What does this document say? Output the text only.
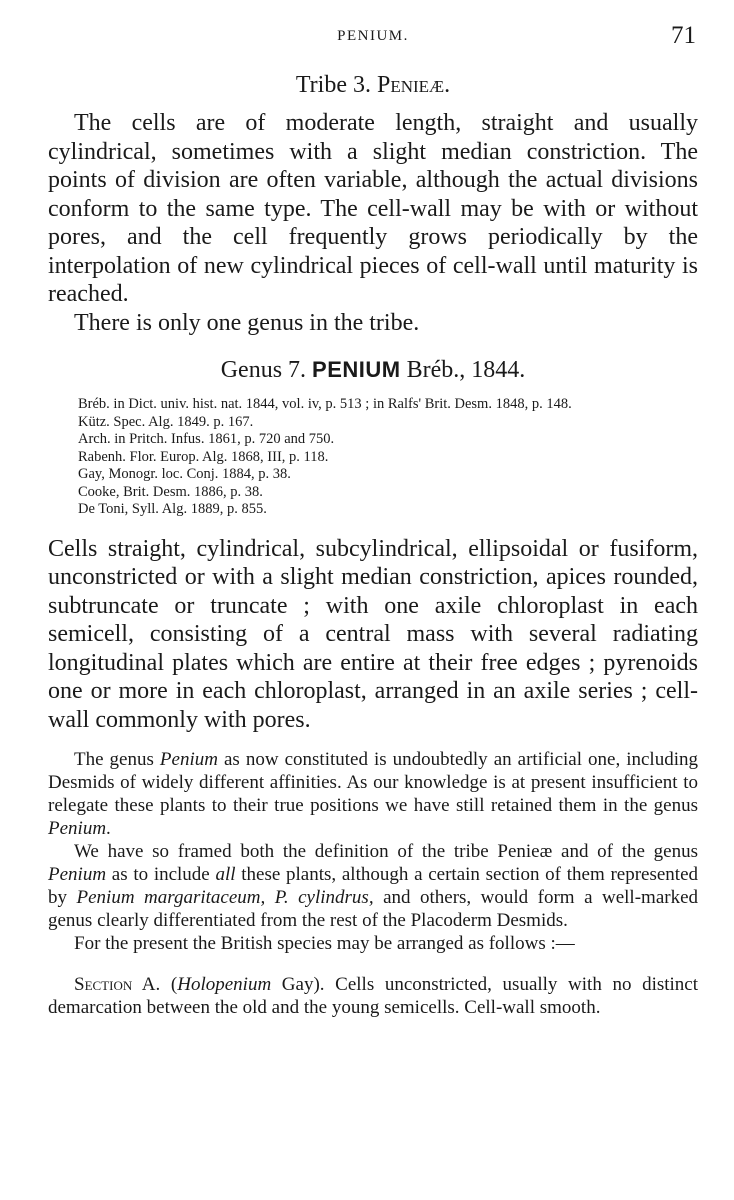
PENIUM.	71
Tribe 3. Penieæ.

The cells are of moderate length, straight and usually cylindrical, sometimes with a slight median constriction. The points of division are often variable, although the actual divisions conform to the same type. The cell-wall may be with or without pores, and the cell frequently grows periodically by the interpolation of new cylindrical pieces of cell-wall until maturity is reached.

There is only one genus in the tribe.

Genus 7. PENIUM Bréb., 1844.
Bréb. in Dict. univ. hist. nat. 1844, vol. iv, p. 513 ; in Ralfs' Brit. Desm. 1848, p. 148.
Kütz. Spec. Alg. 1849. p. 167.
Arch. in Pritch. Infus. 1861, p. 720 and 750.
Rabenh. Flor. Europ. Alg. 1868, III, p. 118.
Gay, Monogr. loc. Conj. 1884, p. 38.
Cooke, Brit. Desm. 1886, p. 38.
De Toni, Syll. Alg. 1889, p. 855.

Cells straight, cylindrical, subcylindrical, ellipsoidal or fusiform, unconstricted or with a slight median constriction, apices rounded, subtruncate or truncate ; with one axile chloroplast in each semicell, consisting of a central mass with several radiating longitudinal plates which are entire at their free edges ; pyrenoids one or more in each chloroplast, arranged in an axile series ; cell-wall commonly with pores.

The genus Penium as now constituted is undoubtedly an artificial one, including Desmids of widely different affinities. As our knowledge is at present insufficient to relegate these plants to their true positions we have still retained them in the genus Penium.

We have so framed both the definition of the tribe Penieæ and of the genus Penium as to include all these plants, although a certain section of them represented by Penium margaritaceum, P. cylindrus, and others, would form a well-marked genus clearly differentiated from the rest of the Placoderm Desmids.

For the present the British species may be arranged as follows :—

Section A. (Holopenium Gay). Cells unconstricted, usually with no distinct demarcation between the old and the young semicells. Cell-wall smooth.
